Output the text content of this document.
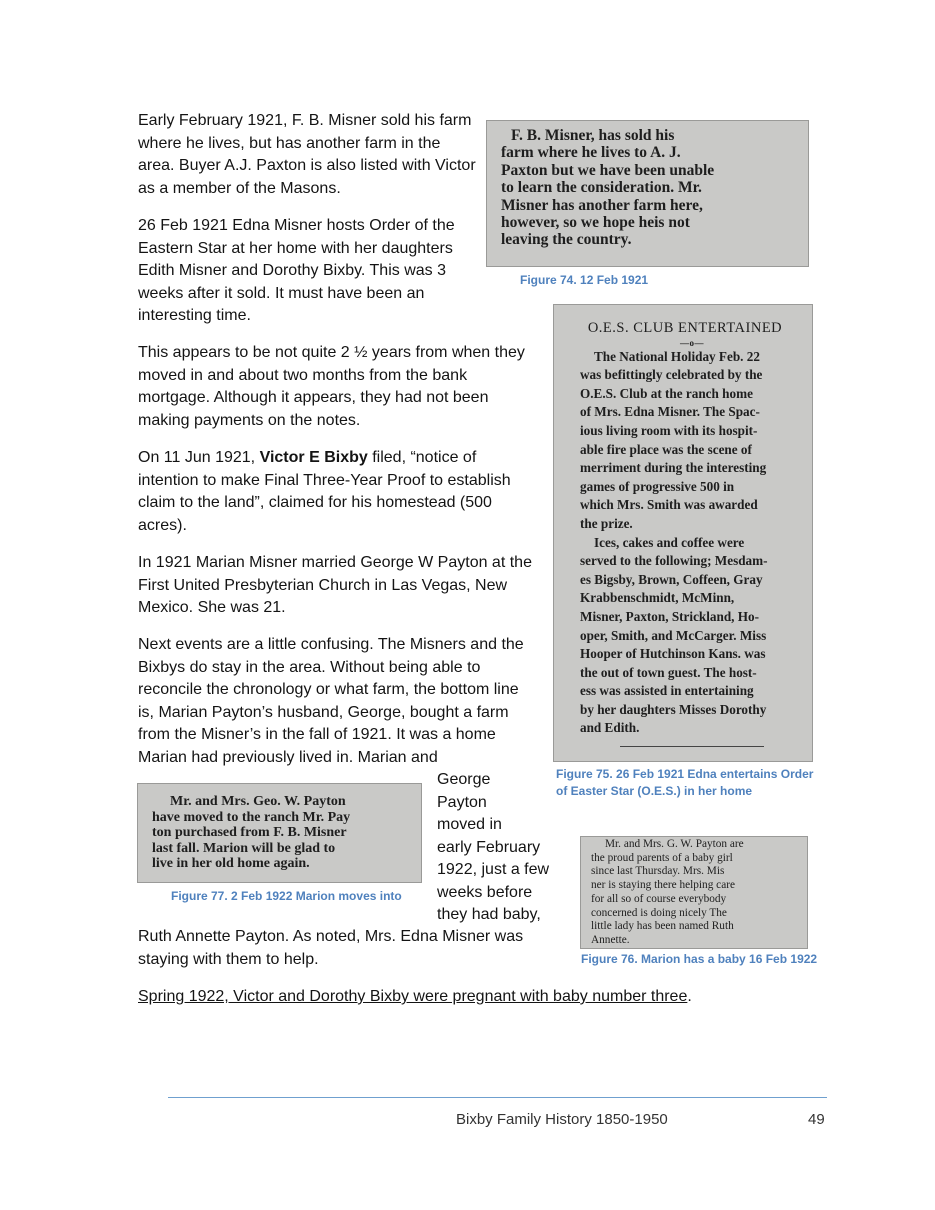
Early February 1921, F. B. Misner sold his farm where he lives, but has another farm in the area. Buyer A.J. Paxton is also listed with Victor as a member of the Masons.

26 Feb 1921 Edna Misner hosts Order of the Eastern Star at her home with her daughters Edith Misner and Dorothy Bixby. This was 3 weeks after it sold. It must have been an interesting time.

This appears to be not quite 2 ½ years from when they moved in and about two months from the bank mortgage. Although it appears, they had not been making payments on the notes.

On 11 Jun 1921, Victor E Bixby filed, “notice of intention to make Final Three-Year Proof to establish claim to the land”, claimed for his homestead (500 acres).

In 1921 Marian Misner married George W Payton at the First United Presbyterian Church in Las Vegas, New Mexico. She was 21.

Next events are a little confusing. The Misners and the Bixbys do stay in the area. Without being able to reconcile the chronology or what farm, the bottom line is, Marian Payton’s husband, George, bought a farm from the Misner’s in the fall of 1921. It was a home Marian had previously lived in. Marian and

George
Payton
moved in
early February
1922, just a few
weeks before
they had baby,
Ruth Annette Payton. As noted, Mrs. Edna Misner was
staying with them to help.
Spring 1922, Victor and Dorothy Bixby were pregnant with baby number three.
F. B. Misner, has sold his
farm where he lives to A. J.
Paxton but we have been unable
to learn the consideration. Mr.
Misner has another farm here,
however, so we hope heis not
leaving the country.
Figure 74. 12 Feb 1921
O.E.S. CLUB ENTERTAINED
—o—
The National Holiday Feb. 22
was befittingly celebrated by the
O.E.S. Club at the ranch home
of Mrs. Edna Misner. The Spac-
ious living room with its hospit-
able fire place was the scene of
merriment during the interesting
games of progressive 500 in
which Mrs. Smith was awarded
the prize.
Ices, cakes and coffee were
served to the following; Mesdam-
es Bigsby, Brown, Coffeen, Gray
Krabbenschmidt, McMinn,
Misner, Paxton, Strickland, Ho-
oper, Smith, and McCarger. Miss
Hooper of Hutchinson Kans. was
the out of town guest. The host-
ess was assisted in entertaining
by her daughters Misses Dorothy
and Edith.
Figure 75. 26 Feb 1921 Edna entertains Order
of Easter Star (O.E.S.) in her home
Mr. and Mrs. G. W. Payton are
the proud parents of a baby girl
since last Thursday. Mrs. Mis
ner is staying there helping care
for all so of course everybody
concerned is doing nicely The
little lady has been named Ruth
Annette.
Figure 76. Marion has a baby 16 Feb 1922
Mr. and Mrs. Geo. W. Payton
have moved to the ranch Mr. Pay
ton purchased from F. B. Misner
last fall. Marion will be glad to
live in her old home again.
Figure 77. 2 Feb 1922 Marion moves into
Bixby Family History 1850-1950	49
